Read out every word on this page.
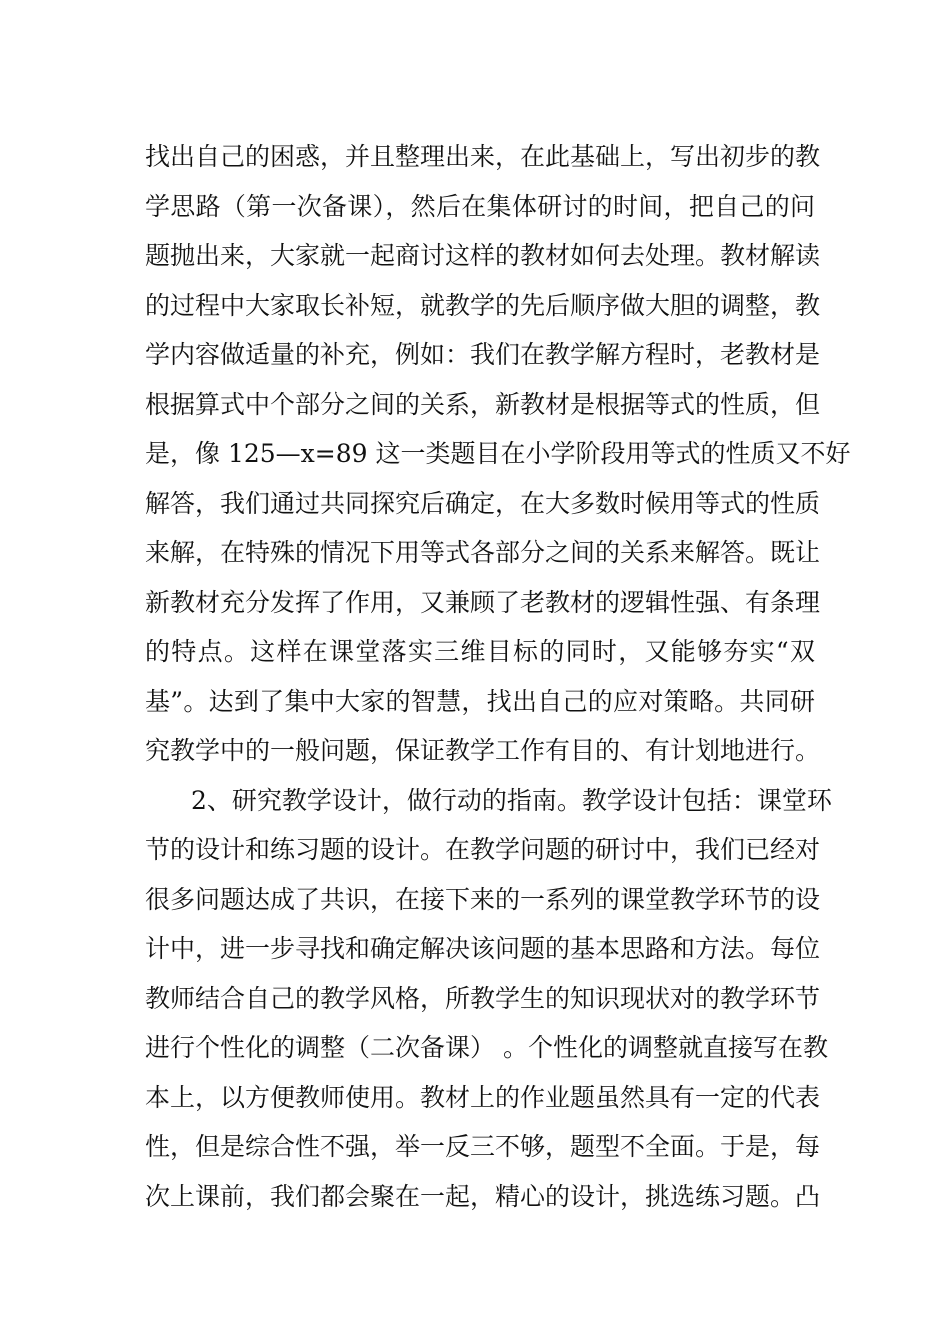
找出自己的困惑，并且整理出来，在此基础上，写出初步的教
学思路（第一次备课），然后在集体研讨的时间，把自己的问
题抛出来，大家就一起商讨这样的教材如何去处理。教材解读
的过程中大家取长补短，就教学的先后顺序做大胆的调整，教
学内容做适量的补充，例如：我们在教学解方程时，老教材是
根据算式中个部分之间的关系，新教材是根据等式的性质，但
是，像 125—x=89 这一类题目在小学阶段用等式的性质又不好
解答，我们通过共同探究后确定，在大多数时候用等式的性质
来解，在特殊的情况下用等式各部分之间的关系来解答。既让
新教材充分发挥了作用，又兼顾了老教材的逻辑性强、有条理
的特点。这样在课堂落实三维目标的同时，又能够夯实“双
基”。达到了集中大家的智慧，找出自己的应对策略。共同研
究教学中的一般问题，保证教学工作有目的、有计划地进行。
2、研究教学设计，做行动的指南。教学设计包括：课堂环
节的设计和练习题的设计。在教学问题的研讨中，我们已经对
很多问题达成了共识，在接下来的一系列的课堂教学环节的设
计中，进一步寻找和确定解决该问题的基本思路和方法。每位
教师结合自己的教学风格，所教学生的知识现状对的教学环节
进行个性化的调整（二次备课） 。个性化的调整就直接写在教
本上，以方便教师使用。教材上的作业题虽然具有一定的代表
性，但是综合性不强，举一反三不够，题型不全面。于是，每
次上课前，我们都会聚在一起，精心的设计，挑选练习题。凸
